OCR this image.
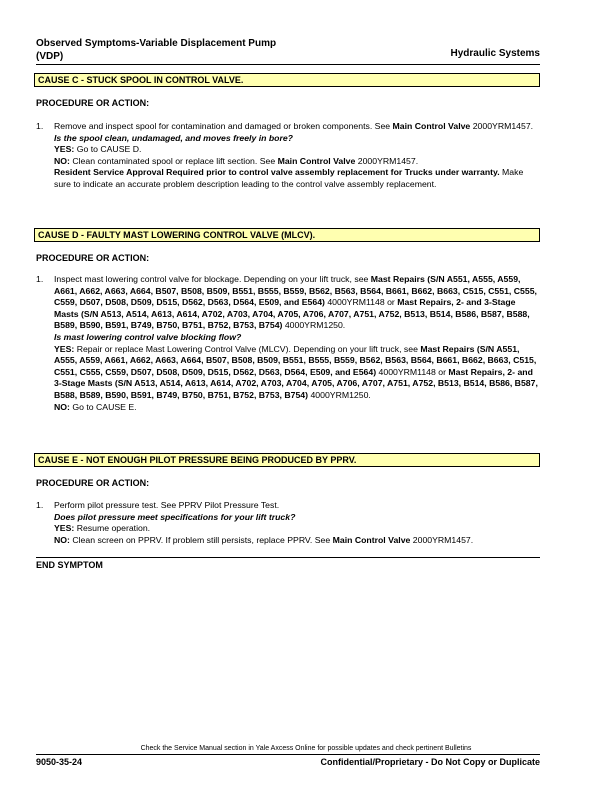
Observed Symptoms-Variable Displacement Pump
(VDP)	Hydraulic Systems
CAUSE C - STUCK SPOOL IN CONTROL VALVE.
PROCEDURE OR ACTION:
1. Remove and inspect spool for contamination and damaged or broken components. See Main Control Valve 2000YRM1457.
Is the spool clean, undamaged, and moves freely in bore?
YES: Go to CAUSE D.
NO: Clean contaminated spool or replace lift section. See Main Control Valve 2000YRM1457.
Resident Service Approval Required prior to control valve assembly replacement for Trucks under warranty. Make sure to indicate an accurate problem description leading to the control valve assembly replacement.
CAUSE D - FAULTY MAST LOWERING CONTROL VALVE (MLCV).
PROCEDURE OR ACTION:
1. Inspect mast lowering control valve for blockage. Depending on your lift truck, see Mast Repairs (S/N A551, A555, A559, A661, A662, A663, A664, B507, B508, B509, B551, B555, B559, B562, B563, B564, B661, B662, B663, C515, C551, C555, C559, D507, D508, D509, D515, D562, D563, D564, E509, and E564) 4000YRM1148 or Mast Repairs, 2- and 3-Stage Masts (S/N A513, A514, A613, A614, A702, A703, A704, A705, A706, A707, A751, A752, B513, B514, B586, B587, B588, B589, B590, B591, B749, B750, B751, B752, B753, B754) 4000YRM1250.
Is mast lowering control valve blocking flow?
YES: Repair or replace Mast Lowering Control Valve (MLCV). Depending on your lift truck, see Mast Repairs (S/N A551, A555, A559, A661, A662, A663, A664, B507, B508, B509, B551, B555, B559, B562, B563, B564, B661, B662, B663, C515, C551, C555, C559, D507, D508, D509, D515, D562, D563, D564, E509, and E564) 4000YRM1148 or Mast Repairs, 2- and 3-Stage Masts (S/N A513, A514, A613, A614, A702, A703, A704, A705, A706, A707, A751, A752, B513, B514, B586, B587, B588, B589, B590, B591, B749, B750, B751, B752, B753, B754) 4000YRM1250.
NO: Go to CAUSE E.
CAUSE E - NOT ENOUGH PILOT PRESSURE BEING PRODUCED BY PPRV.
PROCEDURE OR ACTION:
1. Perform pilot pressure test. See PPRV Pilot Pressure Test.
Does pilot pressure meet specifications for your lift truck?
YES: Resume operation.
NO: Clean screen on PPRV. If problem still persists, replace PPRV. See Main Control Valve 2000YRM1457.
END SYMPTOM
Check the Service Manual section in Yale Axcess Online for possible updates and check pertinent Bulletins
9050-35-24	Confidential/Proprietary - Do Not Copy or Duplicate
